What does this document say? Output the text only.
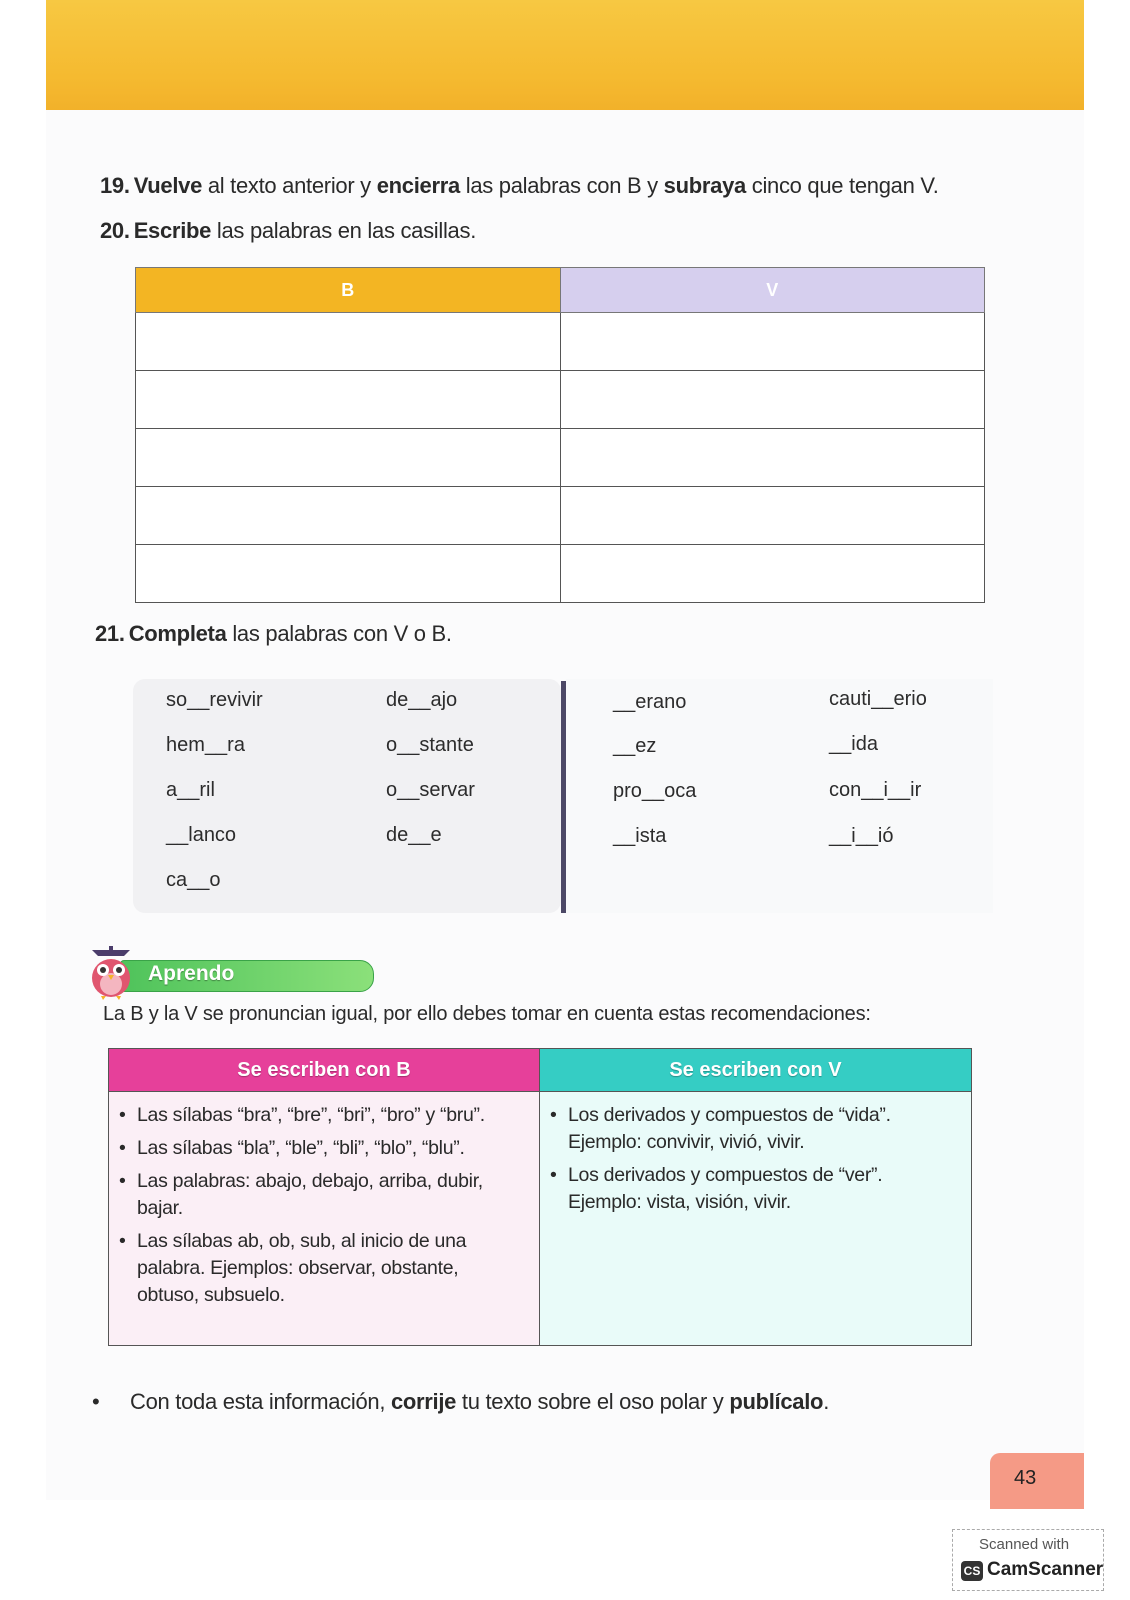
19. Vuelve al texto anterior y encierra las palabras con B y subraya cinco que tengan V.
20. Escribe las palabras en las casillas.
B	V

21. Completa las palabras con V o B.
so__revivir	de__ajo
hem__ra	o__stante
a__ril	o__servar
__lanco	de__e
ca__o
__erano	cauti__erio
__ez	__ida
pro__oca	con__i__ir
__ista	__i__ió
Aprendo
La B y la V se pronuncian igual, por ello debes tomar en cuenta estas recomendaciones:
Se escriben con B
• Las sílabas “bra”, “bre”, “bri”, “bro” y “bru”.
• Las sílabas “bla”, “ble”, “bli”, “blo”, “blu”.
• Las palabras: abajo, debajo, arriba, dubir, bajar.
• Las sílabas ab, ob, sub, al inicio de una palabra. Ejemplos: observar, obstante, obtuso, subsuelo.
Se escriben con V
• Los derivados y compuestos de “vida”. Ejemplo: convivir, vivió, vivir.
• Los derivados y compuestos de “ver”. Ejemplo: vista, visión, vivir.
• Con toda esta información, corrije tu texto sobre el oso polar y publícalo.
43
Scanned with
CS CamScanner
